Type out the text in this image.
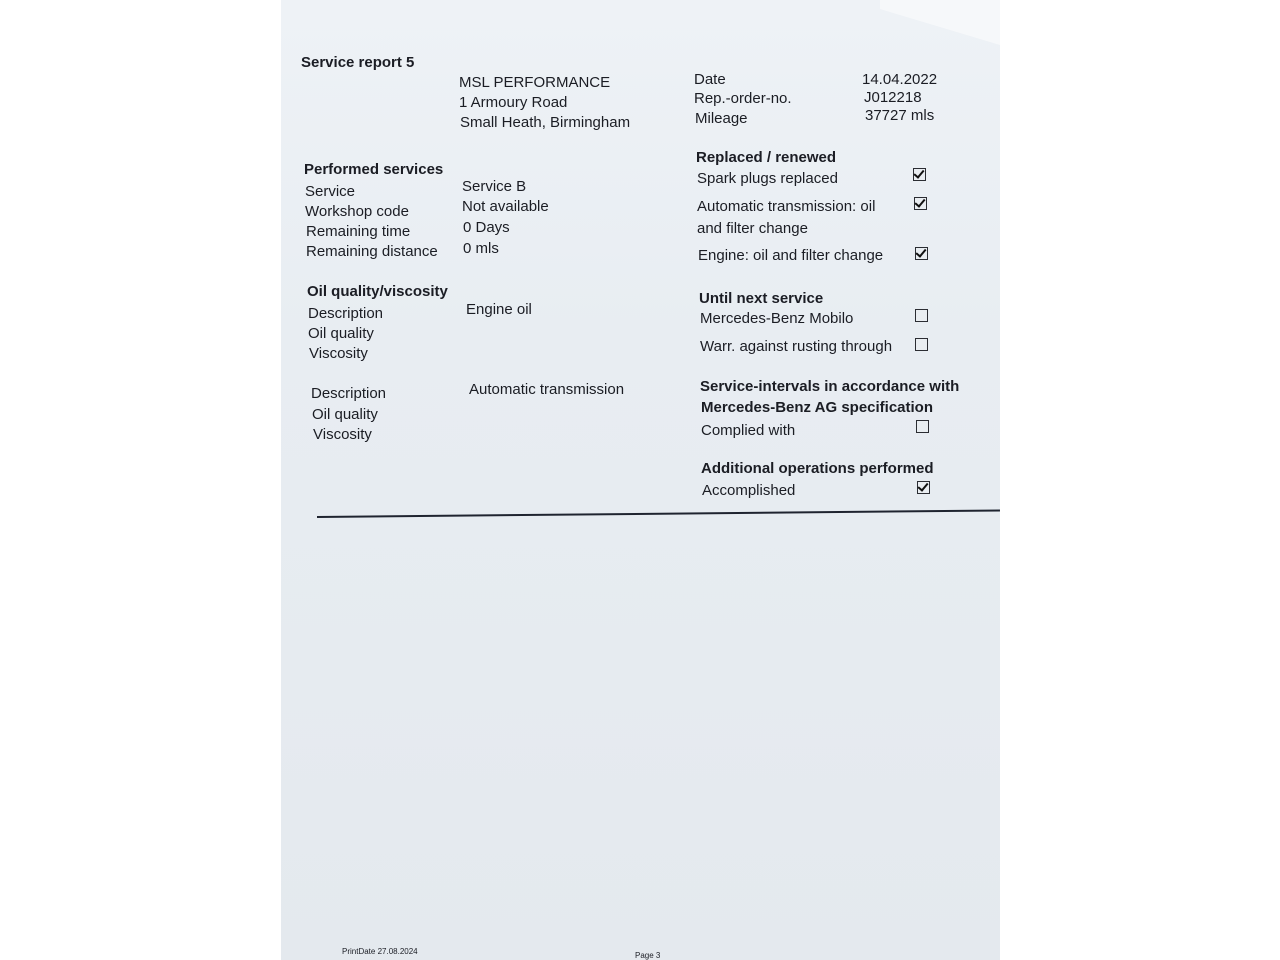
Service report 5
MSL PERFORMANCE
1 Armoury Road
Small Heath, Birmingham
Date	14.04.2022
Rep.-order-no.	J012218
Mileage	37727 mls
Performed services
Service	Service B
Workshop code	Not available
Remaining time	0 Days
Remaining distance 0 mls
Oil quality/viscosity
Description	Engine oil
Oil quality
Viscosity
Description	Automatic transmission
Oil quality
Viscosity
Replaced / renewed
Spark plugs replaced
Automatic transmission: oil
and filter change
Engine: oil and filter change
Until next service
Mercedes-Benz Mobilo
Warr. against rusting through
Service-intervals in accordance with
Mercedes-Benz AG specification
Complied with
Additional operations performed
Accomplished
PrintDate 27.08.2024	Page 3
